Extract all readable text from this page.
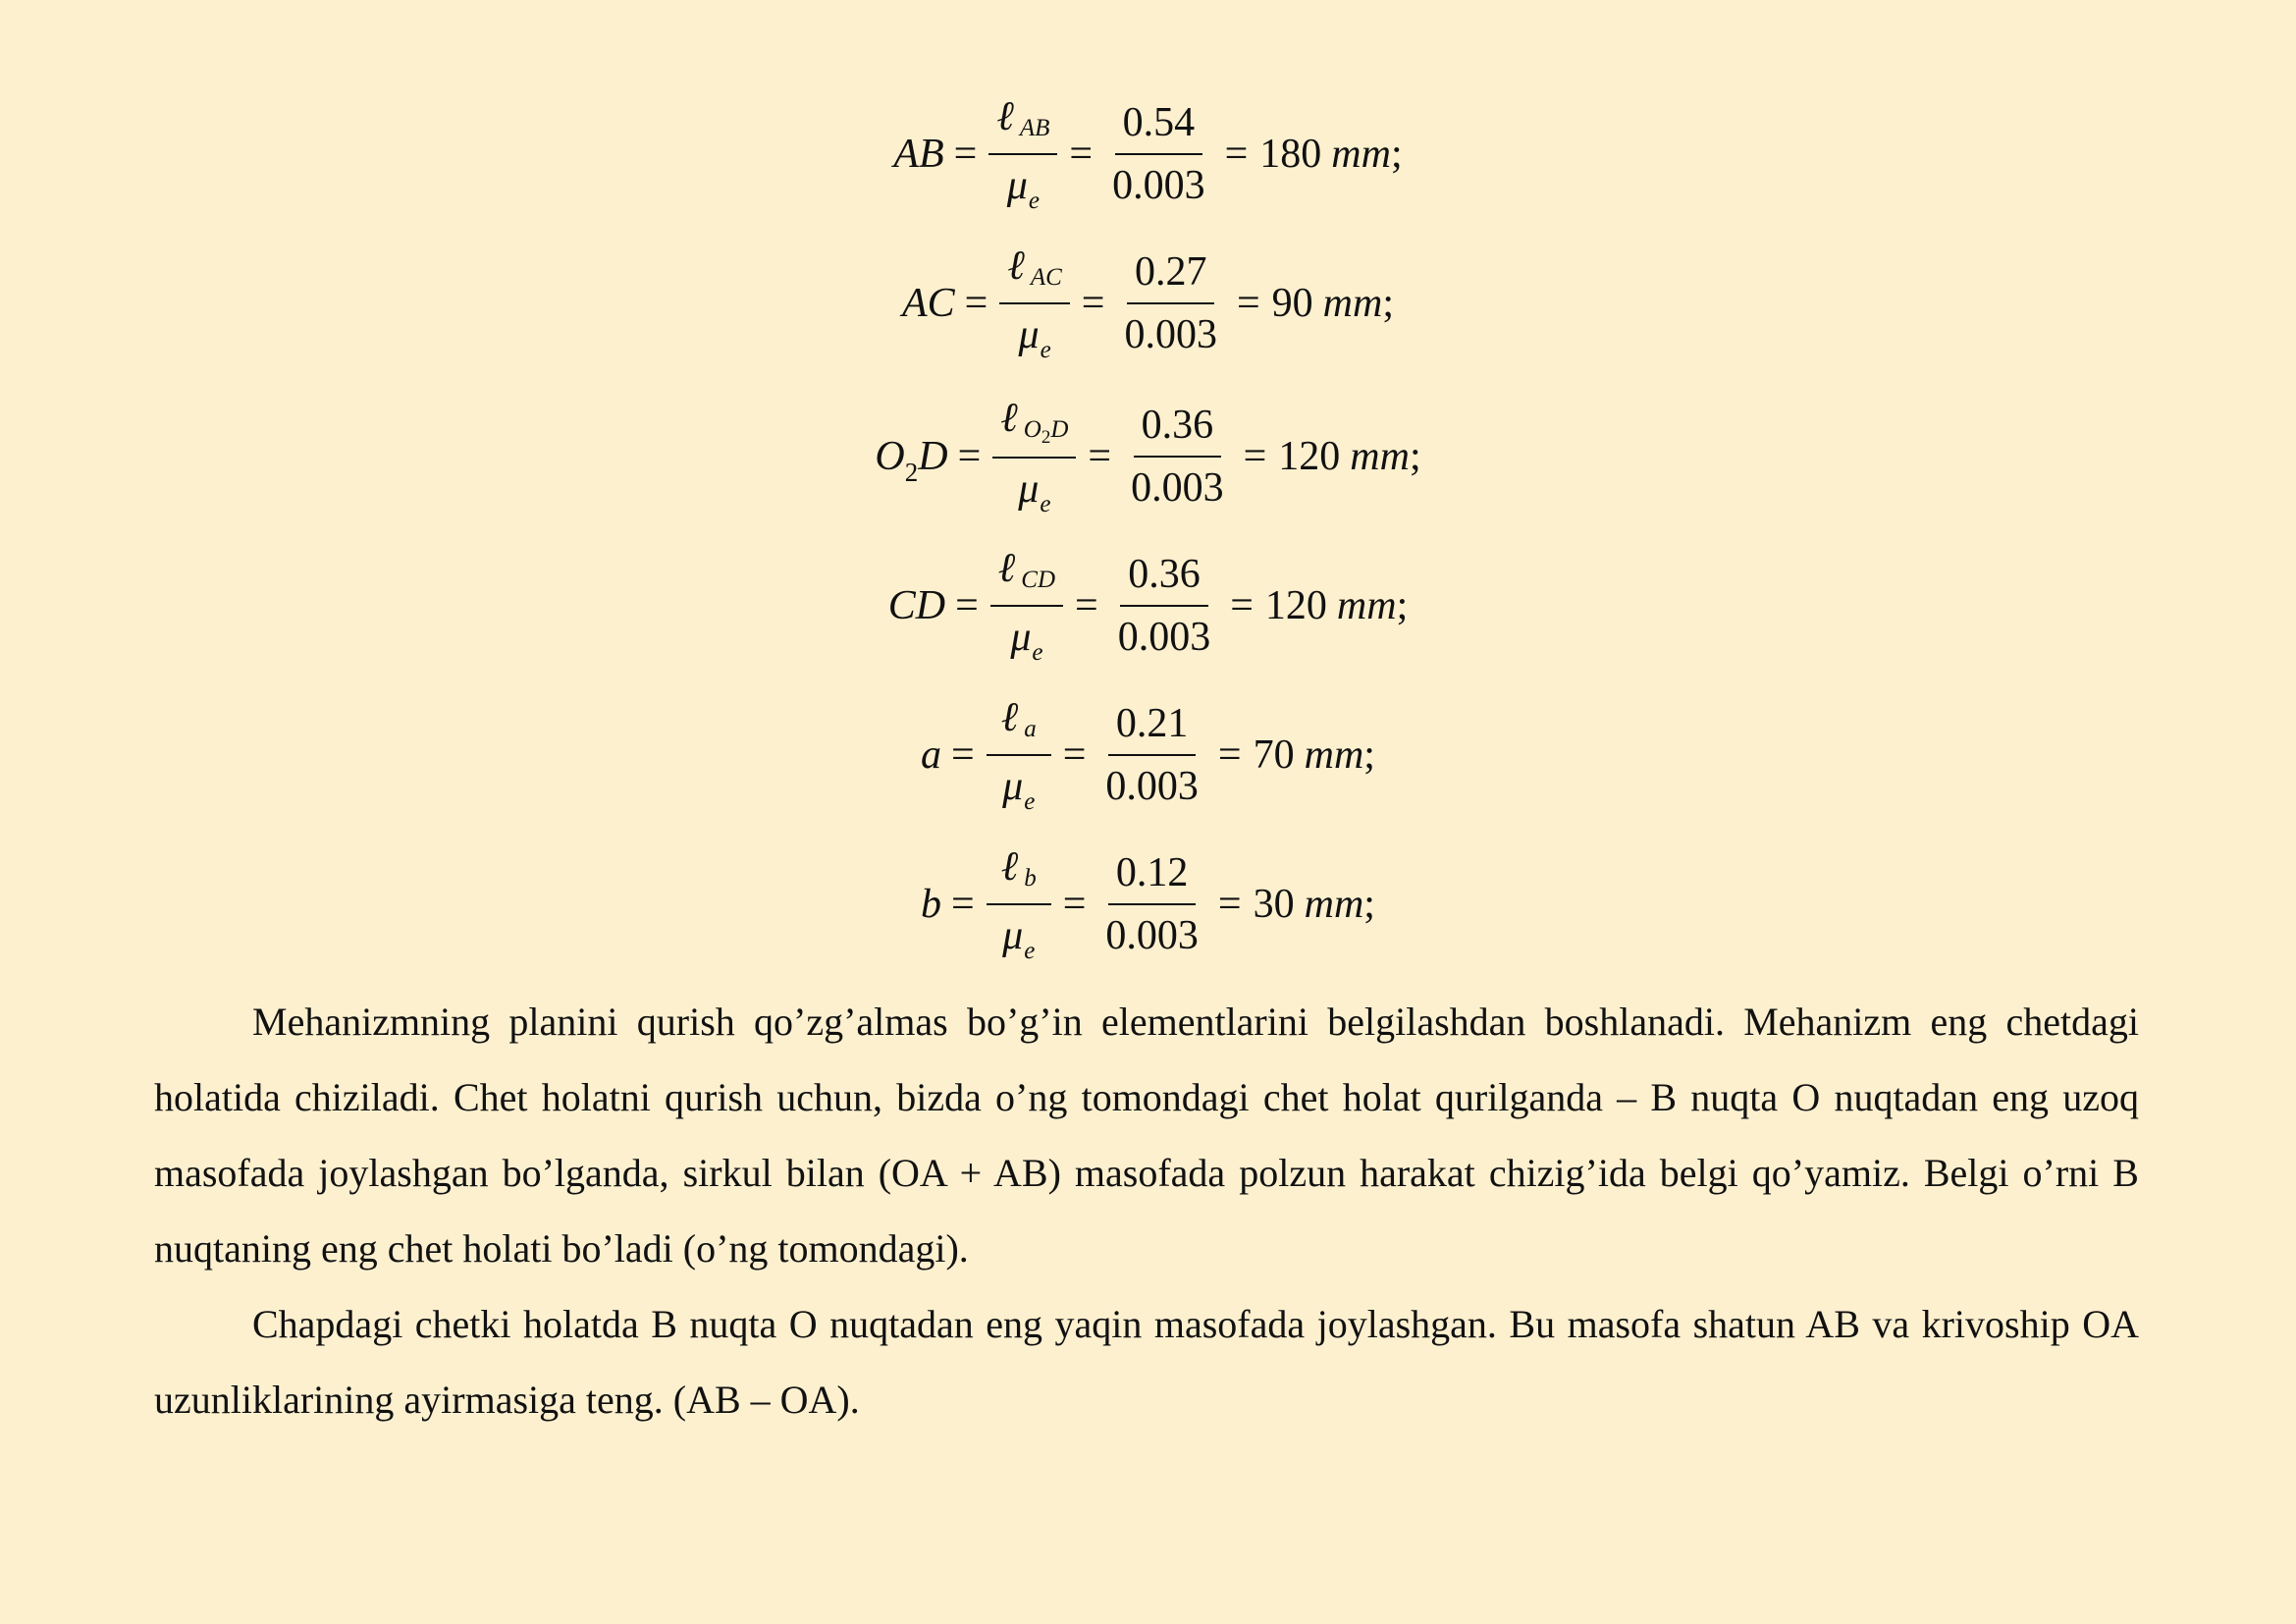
AB = $\frac{\text{ℓ AB}}{\mu_e} = \frac{0.54}{0.003} = 180$ mm ;
AC = $\frac{\text{ℓ AC}}{\mu_e} = \frac{0.27}{0.003} = 90$ mm ;
$O_2D = \frac{\ell O_2D}{\mu_e} = \frac{0.36}{0.003} = 120$ mm ;
CD = $\frac{\text{ℓ CD}}{\mu_e} = \frac{0.36}{0.003} = 120$ mm ;
$a = \frac{\text{ℓ a}}{\mu_e} = \frac{0.21}{0.003} = 70$ mm ;
$b = \frac{\text{ℓ b}}{\mu_e} = \frac{0.12}{0.003} = 30$ mm ;

Mehanizmning planini qurish qo’zg’almas bo’g’in elementlarini belgilashdan boshlanadi. Mehanizm eng chetdagi holatida chiziladi. Chet holatni qurish uchun, bizda o’ng tomondagi chet holat qurilganda – B nuqta O nuqtadan eng uzoq masofada joylashgan bo’lganda, sirkul bilan (OA + AB) masofada polzun harakat chizig’ida belgi qo’yamiz. Belgi o’rni B nuqtaning eng chet holati bo’ladi (o’ng tomondagi).

Chapdagi chetki holatda B nuqta O nuqtadan eng yaqin masofada joylashgan. Bu masofa shatun AB va krivoship OA uzunliklarining ayirmasiga teng. (AB – OA).
